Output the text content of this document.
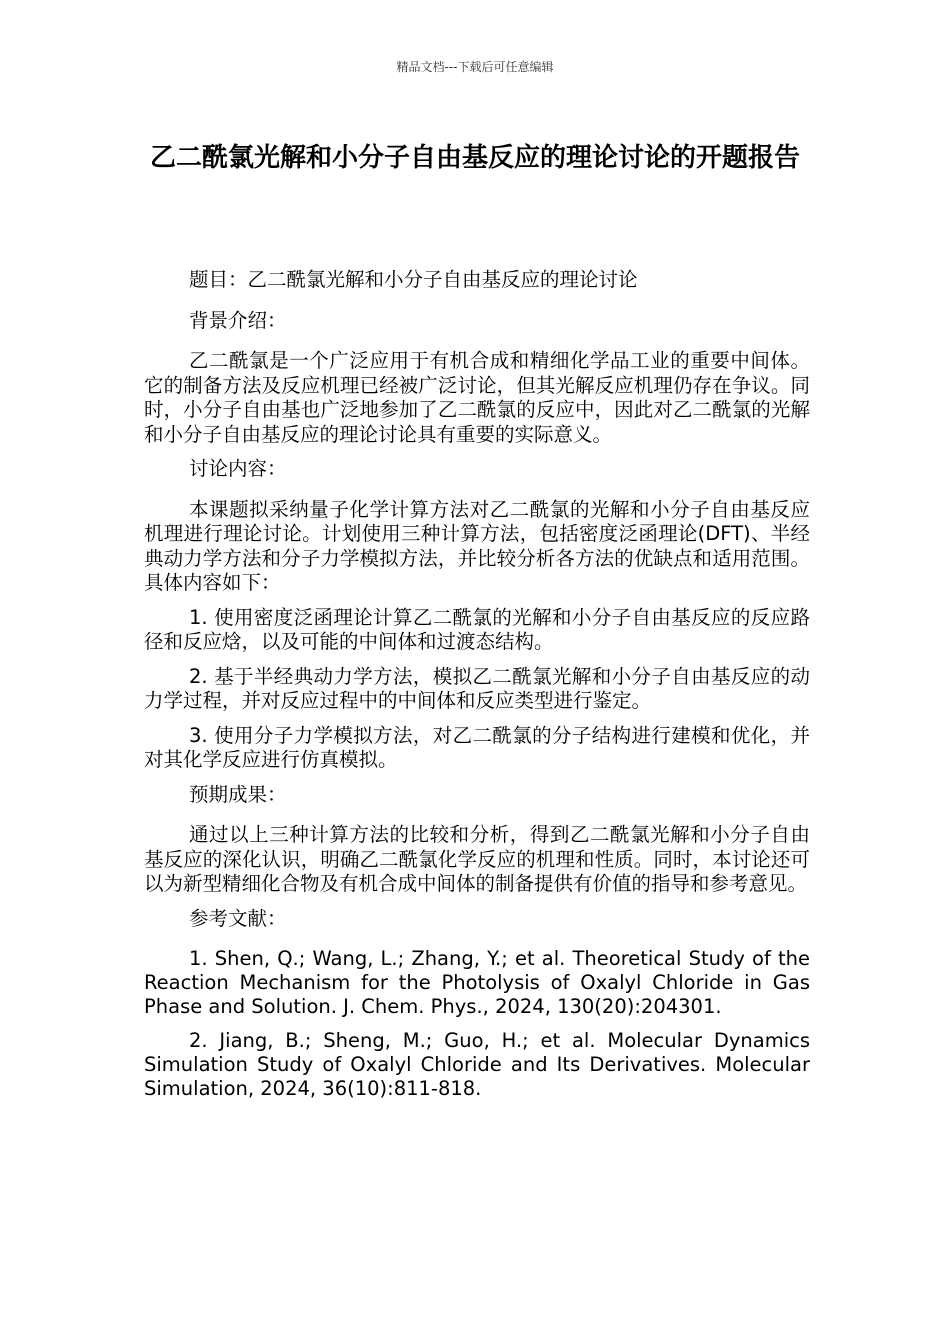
精品文档---下载后可任意编辑
乙二酰氯光解和小分子自由基反应的理论讨论的开题报告

题目：乙二酰氯光解和小分子自由基反应的理论讨论

背景介绍：

乙二酰氯是一个广泛应用于有机合成和精细化学品工业的重要中间体。它的制备方法及反应机理已经被广泛讨论，但其光解反应机理仍存在争议。同时，小分子自由基也广泛地参加了乙二酰氯的反应中，因此对乙二酰氯的光解和小分子自由基反应的理论讨论具有重要的实际意义。

讨论内容：

本课题拟采纳量子化学计算方法对乙二酰氯的光解和小分子自由基反应机理进行理论讨论。计划使用三种计算方法，包括密度泛函理论(DFT)、半经典动力学方法和分子力学模拟方法，并比较分析各方法的优缺点和适用范围。具体内容如下：

1. 使用密度泛函理论计算乙二酰氯的光解和小分子自由基反应的反应路径和反应焓，以及可能的中间体和过渡态结构。

2. 基于半经典动力学方法，模拟乙二酰氯光解和小分子自由基反应的动力学过程，并对反应过程中的中间体和反应类型进行鉴定。

3. 使用分子力学模拟方法，对乙二酰氯的分子结构进行建模和优化，并对其化学反应进行仿真模拟。

预期成果：

通过以上三种计算方法的比较和分析，得到乙二酰氯光解和小分子自由基反应的深化认识，明确乙二酰氯化学反应的机理和性质。同时，本讨论还可以为新型精细化合物及有机合成中间体的制备提供有价值的指导和参考意见。

参考文献：

1. Shen, Q.; Wang, L.; Zhang, Y.; et al. Theoretical Study of the Reaction Mechanism for the Photolysis of Oxalyl Chloride in Gas Phase and Solution. J. Chem. Phys., 2024, 130(20):204301.

2. Jiang, B.; Sheng, M.; Guo, H.; et al. Molecular Dynamics Simulation Study of Oxalyl Chloride and Its Derivatives. Molecular Simulation, 2024, 36(10):811-818.
